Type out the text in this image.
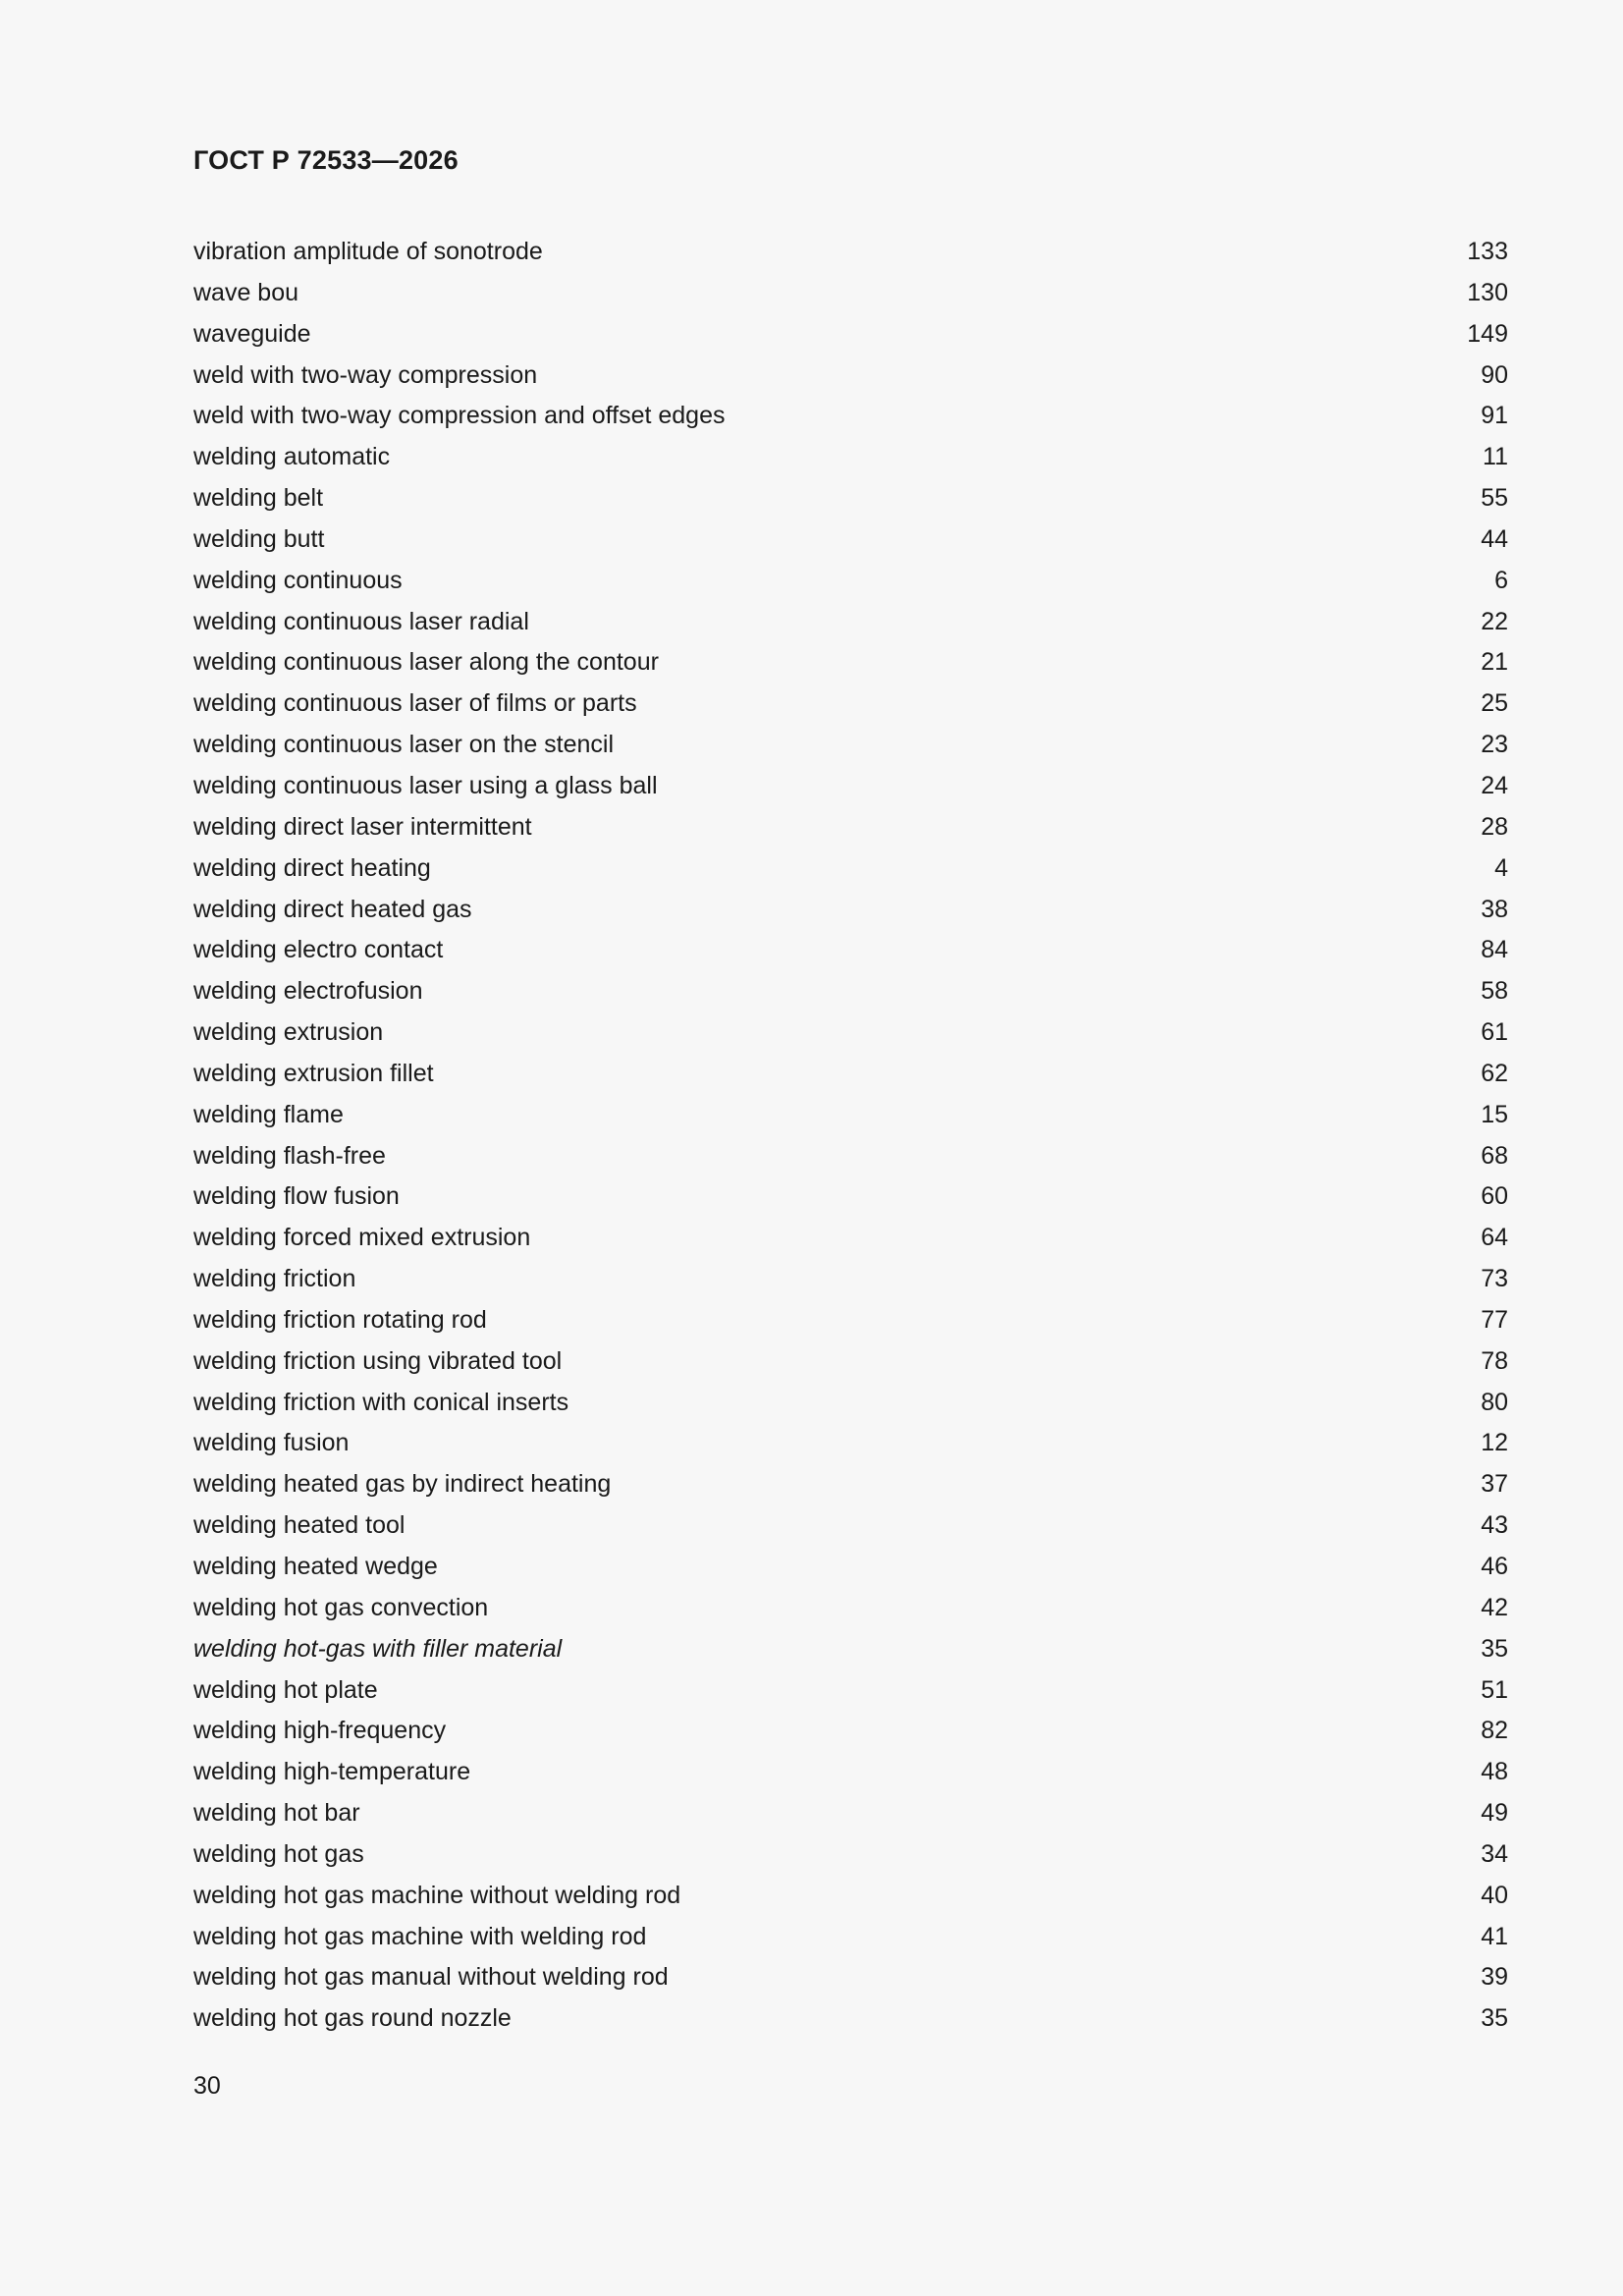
ГОСТ Р 72533—2026
vibration amplitude of sonotrode	133
wave bou	130
waveguide	149
weld with two-way compression	90
weld with two-way compression and offset edges	91
welding automatic	11
welding belt	55
welding butt	44
welding continuous	6
welding continuous laser radial	22
welding continuous laser along the contour	21
welding continuous laser of films or parts	25
welding continuous laser on the stencil	23
welding continuous laser using a glass ball	24
welding direct laser intermittent	28
welding direct heating	4
welding direct heated gas	38
welding electro contact	84
welding electrofusion	58
welding extrusion	61
welding extrusion fillet	62
welding flame	15
welding flash-free	68
welding flow fusion	60
welding forced mixed extrusion	64
welding friction	73
welding friction rotating rod	77
welding friction using vibrated tool	78
welding friction with conical inserts	80
welding fusion	12
welding heated gas by indirect heating	37
welding heated tool	43
welding heated wedge	46
welding hot gas convection	42
welding hot-gas with filler material	35
welding hot plate	51
welding high-frequency	82
welding high-temperature	48
welding hot bar	49
welding hot gas	34
welding hot gas machine without welding rod	40
welding hot gas machine with welding rod	41
welding hot gas manual without welding rod	39
welding hot gas round nozzle	35
30
